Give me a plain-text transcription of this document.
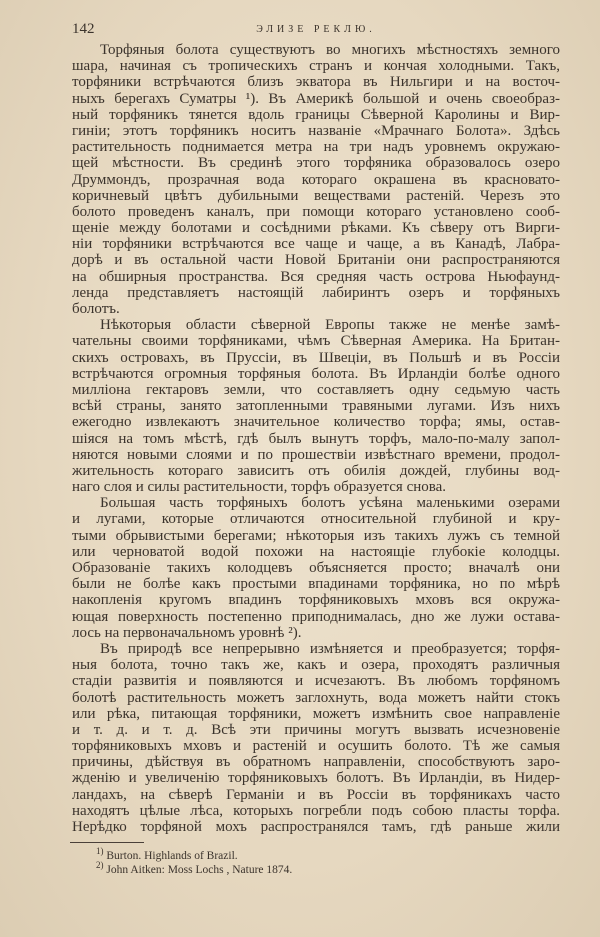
142	ЭЛИЗЕ РЕКЛЮ.
Торфяныя болота существуютъ во многихъ мѣстностяхъ земного
шара, начиная съ тропическихъ странъ и кончая холодными. Такъ,
торфяники встрѣчаются близъ экватора въ Нильгири и на восточ-
ныхъ берегахъ Суматры ¹). Въ Америкѣ большой и очень своеобраз-
ный торфяникъ тянется вдоль границы Сѣверной Каролины и Вир-
гинiи; этотъ торфяникъ носитъ названiе «Мрачнаго Болота». Здѣсь
растительность поднимается метра на три надъ уровнемъ окружаю-
щей мѣстности. Въ срединѣ этого торфяника образовалось озеро
Друммондъ, прозрачная вода котораго окрашена въ красновато-
коричневый цвѣтъ дубильными веществами растенiй. Черезъ это
болото проведенъ каналъ, при помощи котораго установлено сооб-
щенiе между болотами и сосѣдними рѣками. Къ сѣверу отъ Вирги-
нiи торфяники встрѣчаются все чаще и чаще, а въ Канадѣ, Лабра-
дорѣ и въ остальной части Новой Британiи они распространяются
на обширныя пространства. Вся средняя часть острова Ньюфаунд-
ленда представляетъ настоящiй лабиринтъ озеръ и торфяныхъ
болотъ.
Нѣкоторыя области сѣверной Европы также не менѣе замѣ-
чательны своими торфяниками, чѣмъ Сѣверная Америка. На Британ-
скихъ островахъ, въ Пруссiи, въ Швецiи, въ Польшѣ и въ Россiи
встрѣчаются огромныя торфяныя болота. Въ Ирландiи болѣе одного
миллiона гектаровъ земли, что составляетъ одну седьмую часть
всѣй страны, занято затопленными травяными лугами. Изъ нихъ
ежегодно извлекаютъ значительное количество торфа; ямы, остав-
шiяся на томъ мѣстѣ, гдѣ былъ вынутъ торфъ, мало-по-малу запол-
няются новыми слоями и по прошествiи извѣстнаго времени, продол-
жительность котораго зависитъ отъ обилiя дождей, глубины вод-
наго слоя и силы растительности, торфъ образуется снова.
Большая часть торфяныхъ болотъ усѣяна маленькими озерами
и лугами, которые отличаются относительной глубиной и кру-
тыми обрывистыми берегами; нѣкоторыя изъ такихъ лужъ съ темной
или черноватой водой похожи на настоящiе глубокiе колодцы.
Образованiе такихъ колодцевъ объясняется просто; вначалѣ они
были не болѣе какъ простыми впадинами торфяника, но по мѣрѣ
накопленiя кругомъ впадинъ торфяниковыхъ мховъ вся окружа-
ющая поверхность постепенно приподнималась, дно же лужи остава-
лось на первоначальномъ уровнѣ ²).
Въ природѣ все непрерывно измѣняется и преобразуется; торфя-
ныя болота, точно такъ же, какъ и озера, проходятъ различныя
стадiи развитiя и появляются и исчезаютъ. Въ любомъ торфяномъ
болотѣ растительность можетъ заглохнуть, вода можетъ найти стокъ
или рѣка, питающая торфяники, можетъ измѣнить свое направленiе
и т. д. и т. д. Всѣ эти причины могутъ вызвать исчезновенiе
торфяниковыхъ мховъ и растенiй и осушить болото. Тѣ же самыя
причины, дѣйствуя въ обратномъ направленiи, способствуютъ заро-
жденiю и увеличенiю торфяниковыхъ болотъ. Въ Ирландiи, въ Нидер-
ландахъ, на сѣверѣ Германiи и въ Россiи въ торфяникахъ часто
находятъ цѣлые лѣса, которыхъ погребли подъ собою пласты торфа.
Нерѣдко торфяной мохъ распространялся тамъ, гдѣ раньше жили
$^{1)}$ Burton. Highlands of Brazil.
$^{2)}$ John Aitken: Moss Lochs , Nature 1874.
